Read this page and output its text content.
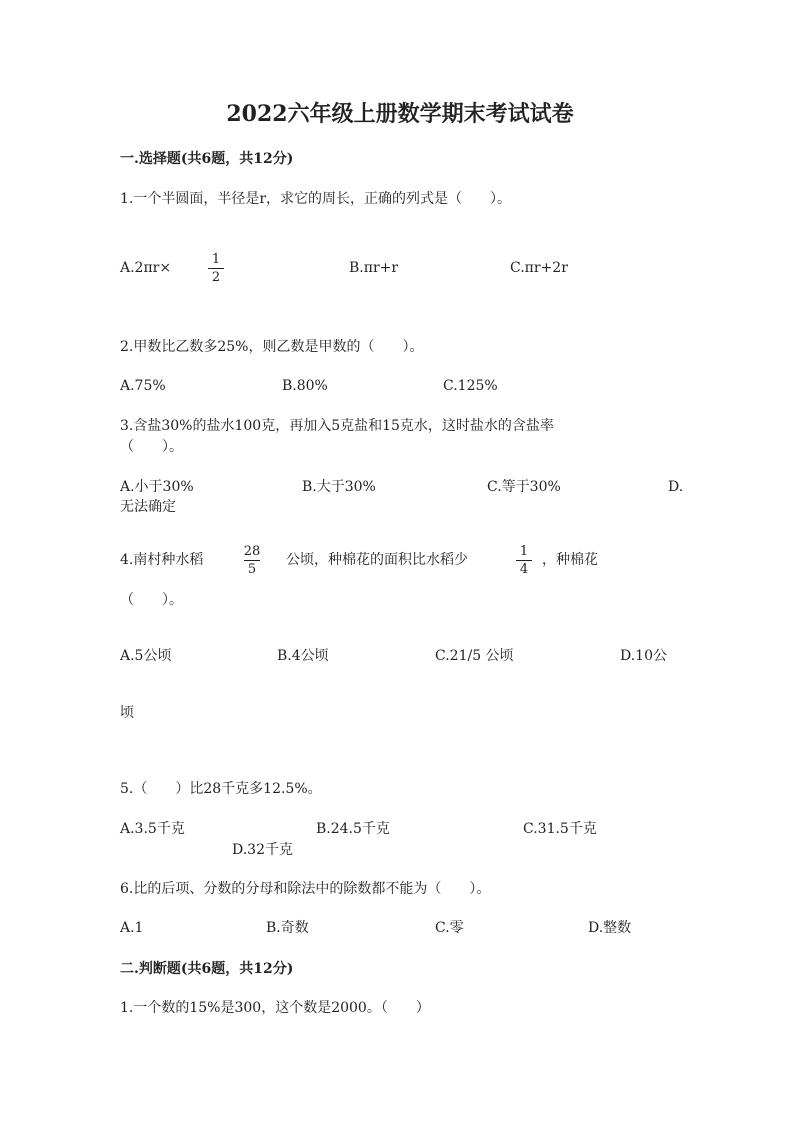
2022六年级上册数学期末考试试卷
一.选择题(共6题，共12分)
1.一个半圆面，半径是r，求它的周长，正确的列式是（　　）。
A.2πr×
1
2
B.πr+r	C.πr+2r
2.甲数比乙数多25%，则乙数是甲数的（　　）。
A.75%	B.80%	C.125%
3.含盐30%的盐水100克，再加入5克盐和15克水，这时盐水的含盐率
（　　）。
A.小于30%	B.大于30%	C.等于30%	D.
无法确定
4.南村种水稻
28
5
公顷，种棉花的面积比水稻少
1
4
，种棉花
（　　）。
A.5公顷	B.4公顷	C.21/5 公顷	D.10公
顷
5.（　　）比28千克多12.5%。
A.3.5千克	B.24.5千克	C.31.5千克
D.32千克
6.比的后项、分数的分母和除法中的除数都不能为（　　）。
A.1	B.奇数	C.零	D.整数
二.判断题(共6题，共12分)
1.一个数的15%是300，这个数是2000。（　　）
